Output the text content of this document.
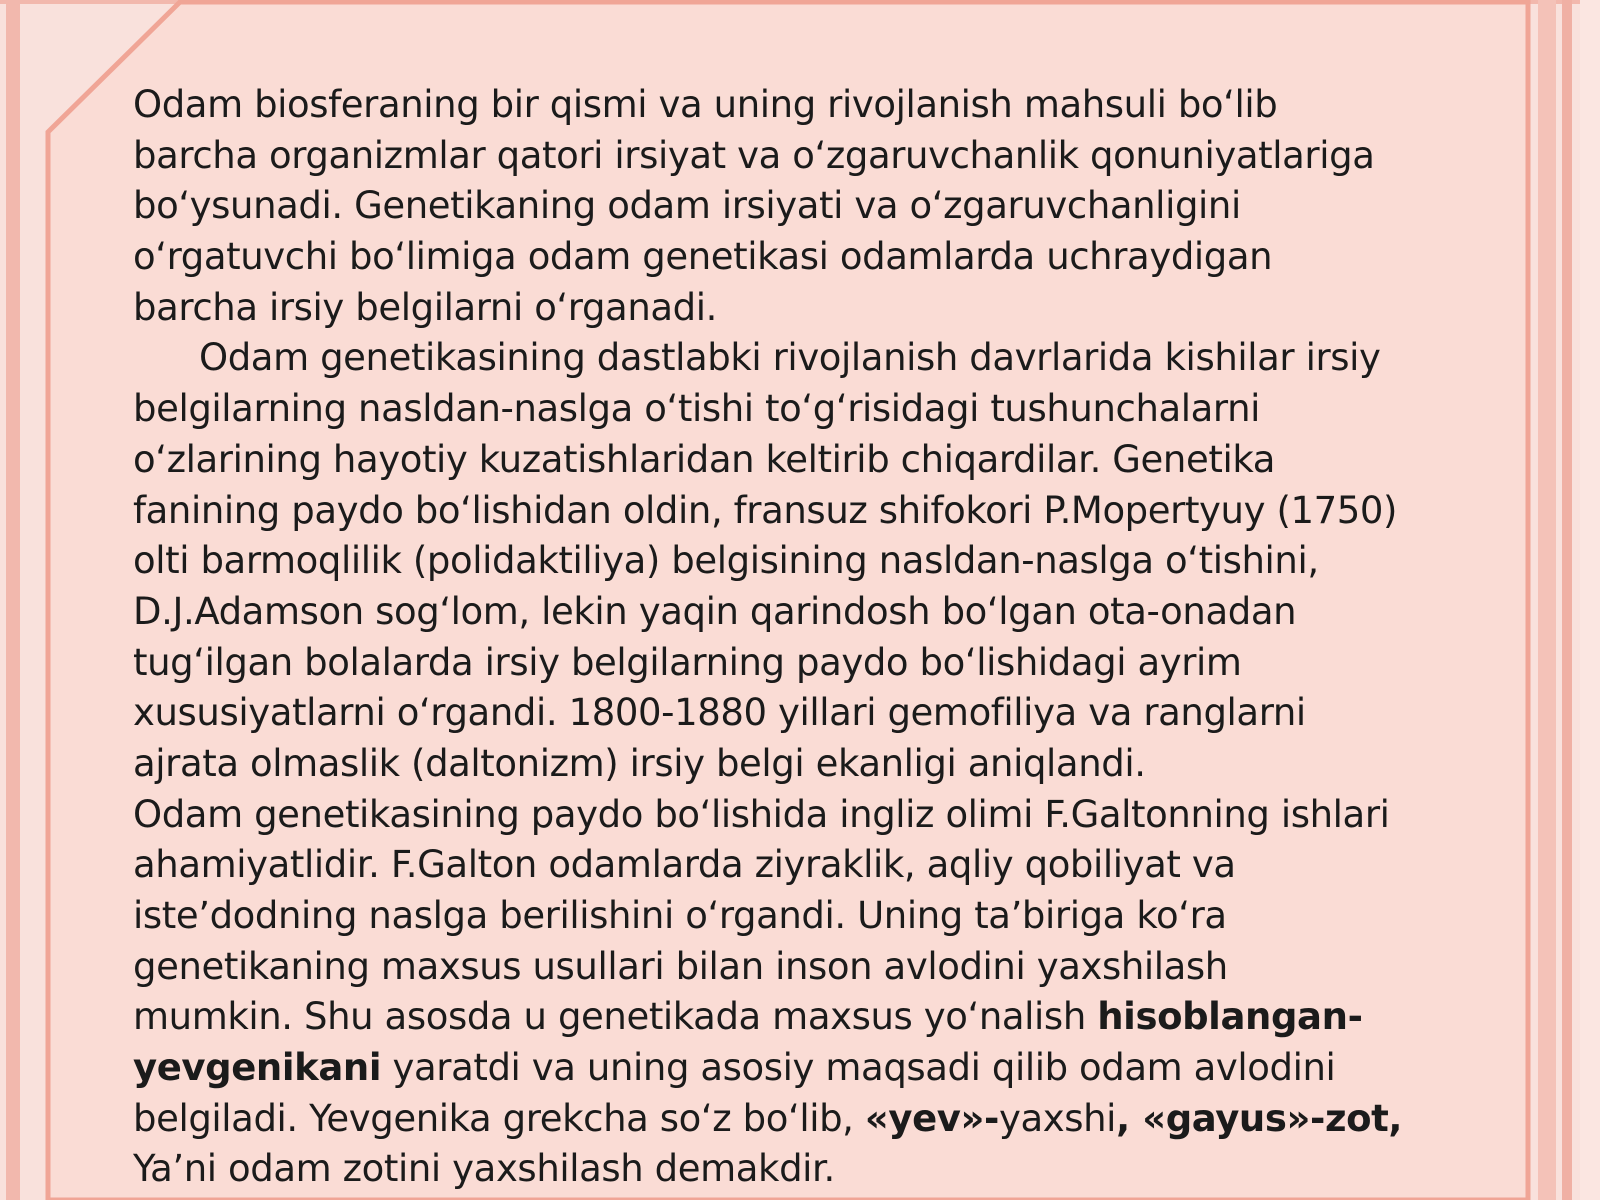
Odam biosferaning bir qismi va uning rivojlanish mahsuli bo‘lib
barcha organizmlar qatori irsiyat va o‘zgaruvchanlik qonuniyatlariga
bo‘ysunadi. Genetikaning odam irsiyati va o‘zgaruvchanligini
o‘rgatuvchi bo‘limiga odam genetikasi odamlarda uchraydigan
barcha irsiy belgilarni o‘rganadi.
Odam genetikasining dastlabki rivojlanish davrlarida kishilar irsiy
belgilarning nasldan-naslga o‘tishi to‘g‘risidagi tushunchalarni
o‘zlarining hayotiy kuzatishlaridan keltirib chiqardilar. Genetika
fanining paydo bo‘lishidan oldin, fransuz shifokori P.Mopertyuy (1750)
olti barmoqlilik (polidaktiliya) belgisining nasldan-naslga o‘tishini,
D.J.Adamson sog‘lom, lekin yaqin qarindosh bo‘lgan ota-onadan
tug‘ilgan bolalarda irsiy belgilarning paydo bo‘lishidagi ayrim
xususiyatlarni o‘rgandi. 1800-1880 yillari gemofiliya va ranglarni
ajrata olmaslik (daltonizm) irsiy belgi ekanligi aniqlandi.
Odam genetikasining paydo bo‘lishida ingliz olimi F.Galtonning ishlari
ahamiyatlidir. F.Galton odamlarda ziyraklik, aqliy qobiliyat va
iste’dodning naslga berilishini o‘rgandi. Uning ta’biriga ko‘ra
genetikaning maxsus usullari bilan inson avlodini yaxshilash
mumkin. Shu asosda u genetikada maxsus yo‘nalish hisoblangan-
yevgenikani yaratdi va uning asosiy maqsadi qilib odam avlodini
belgiladi. Yevgenika grekcha so‘z bo‘lib, «yev»-yaxshi, «gayus»-zot,
Ya’ni odam zotini yaxshilash demakdir.
